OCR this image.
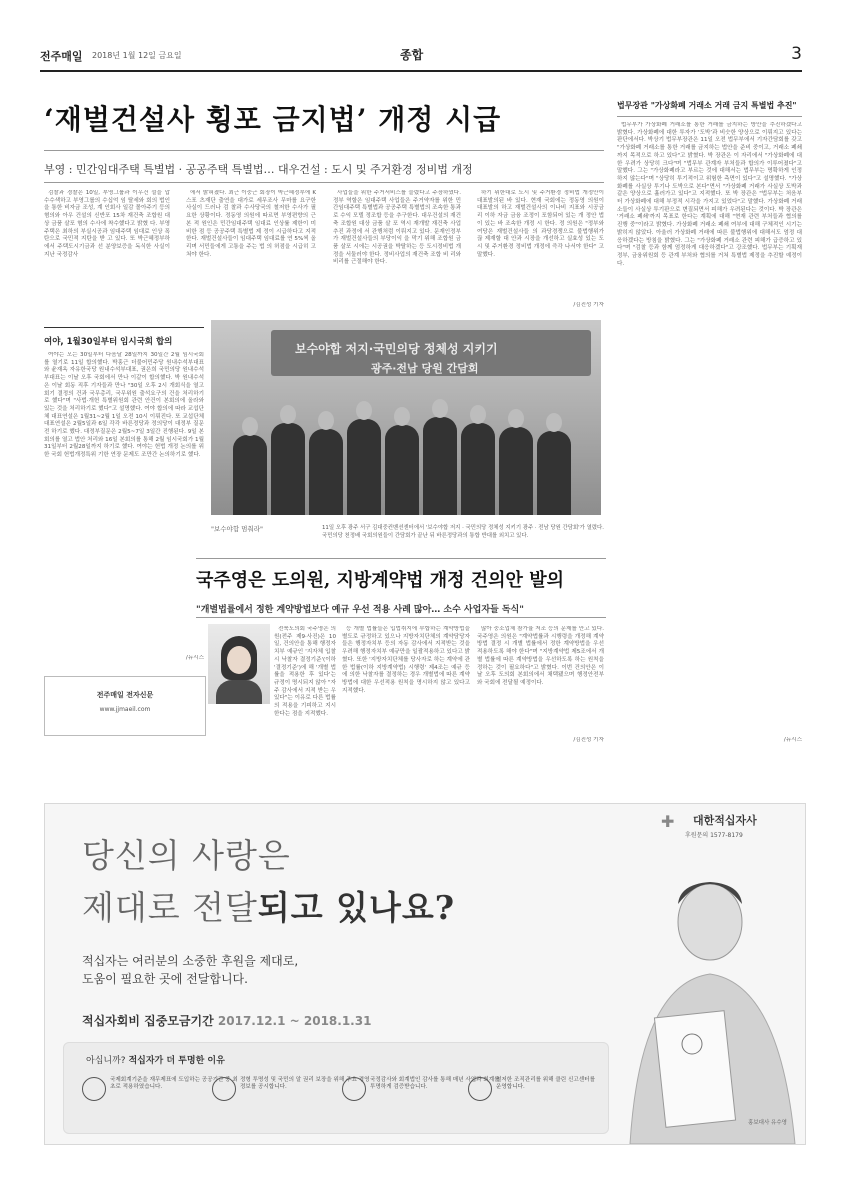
전주매일 2018년 1월 12일 금요일	종합	3
‘재벌건설사 횡포 금지법’ 개정 시급
부영 : 민간임대주택 특별법 · 공공주택 특별법… 대우건설 : 도시 및 주거환경 정비법 개정

검찰과 경찰은 10일, 부영그룹과 이우건 설을 압수수색하고 부영그룹의 수십억 임 탈세와 회의 법인을 통한 비자금 조성, 계 인회사 일감 몰아주기 등의 혐의와 아우 건설의 신반포 15차 재건축 조합원 대상 금품 살포 혐의 수사에 착수했다고 밝혔 다. 부영주택은 최하의 부실시공과 임대주택 임대료 인상 폭탄으로 국민적 지탄을 받 고 있다. 또 박근혜정부하에서 주택도시기금과 선 분양보증을 독식한 사실이 지난 국정감사

에서 밝혀졌다. 최근 이중근 회장이 박근혜정부에 K스포 츠재단 출연을 대가로 세무조사 무마를 요구한 사실이 드러나 검 찰과 수사당국의 철저한 수사가 필요한 상황이다. 정동영 의원에 따르면 부영편향의 근본 적 원인은 민간임대주택 임대료 인상률 제한이 미비한 점 등 공공주택 특별법 제 정이 시급하다고 지적한다. 재벌건설사들이 임대주택 임대료를 연 5%씩 올리며 서민들에게 고통을 주는 법 의 허점을 시급히 고쳐야 한다.

사업들을 위한 주거서비스를 늘렸다고 주장하였다. 정부 역할은 임대주택 사업들은 주거약자를 위한 민간임대주택 특별법과 공공주택 특별법의 조속한 통과로 수익 모델 정조합 등을 추구한다. 대우건설의 재건축 조합원 대상 금품 살 포 역시 재개발 재건축 사업 추진 과정에 서 관행처럼 이뤄지고 있다. 문재인정부가 재벌건설사들의 부당이익 을 막기 위해 조합원 금품 살포 시에는 시공권을 박탈하는 등 도시정비법 개정을 서둘러야 한다. 정비사업의 재건축 조합 비 리와 비리를 근절해야 한다.

하기 위한대로 도시 및 주거환경 정비법 개정안이 대표발의된 바 있다. 현재 국회에는 정동영 의원이 대표발의 하고 재벌건설사의 이나비 지표와 시공금 리 이하 자금 금융 조정이 포함되어 있는 개 정안 법이 있는 바 조속한 개정 시 한다. 정 의원은 "정부와 여당은 재벌건설사들 의 과당경쟁으로 불법행위가 끊 제재할 대 안과 시장을 개선하고 실효성 있는 도시 및 주거환경 정비법 개정에 즉각 나서야 한다" 고 말했다.

/김진성 기자
법무장관 "가상화폐 거래소 거래 금지 특별법 추진"

법무부가 가상화폐 거래소를 통한 거래를 금지하는 방안을 추진하겠다고 밝혔다. 가상화폐에 대한 투자가 ‘도박’과 비슷한 양상으로 이뤄지고 있다는 판단에서다. 박상기 법무부장관은 11일 오전 법무부에서 기자간담회를 갖고 "가상화폐 거래소를 통한 거래를 금지하는 법안을 준비 중이고, 거래소 폐쇄까지 목적으로 하고 있다"고 밝혔다. 박 장관은 이 자리에서 "가상화폐에 대한 우려가 상당히 크다"며 "법무부 관계자 부처들과 합의가 이루어졌다"고 말했다. 그는 "가상화폐라고 부르는 것에 대해서는 법무부는 명확하게 인정 하지 않는다"며 "상당히 투기적이고 위험한 측면이 있다"고 설명했다. "가상화폐를 사실상 투기나 도박으로 본다"면서 "가상화폐 거래가 사실상 도박과 같은 양상으로 흘러가고 있다"고 지적했다. 또 박 장관은 "법무부는 처음부터 가상화폐에 대해 부정적 시각을 가지고 있었다"고 말했다. 가상화폐 거래소들이 사실상 투기판으로 변질되면서 피해가 우려된다는 것이다. 박 장관은 '거래소 폐쇄'까지 목표로 한다는 계획에 대해 "현재 관련 부처들과 협의를 진행 중"이라고 밝혔다. 가상화폐 거래소 폐쇄 여부에 대해 구체적인 시기는 밝히지 않았다. 아울러 가상화폐 거래에 따른 불법행위에 대해서도 엄정 대응하겠다는 방침을 밝혔다. 그는 "가상화폐 거래소 관련 피해가 급증하고 있다"며 "검찰 등과 함께 엄정하게 대응하겠다"고 강조했다. 법무부는 기획재정부, 금융위원회 등 관계 부처와 협의를 거쳐 특별법 제정을 추진할 예정이다.

/뉴시스
여야, 1월30일부터 임시국회 합의

여야는 오는 30일부터 다음달 28일까지 30일간 2월 임시국회를 열기로 11일 합의했다. 박홍근 더불어민주당 원내수석부대표와 윤재옥 자유한국당 원내수석부대표, 권은희 국민의당 원내수석부대표는 이날 오후 국회에서 만나 이같이 합의했다. 박 원내수석은 이날 회동 직후 기자들과 만나 "30일 오후 2시 개회식을 열고 회기 결정의 건과 국무총리, 국무위원 출석요구의 건을 처리하기로 했다"며 "사법·개헌 특별위원회 관련 안건이 본회의에 올라와 있는 것을 처리하기로 했다"고 설명했다. 여야 합의에 따라 교섭단체 대표연설은 1월31~2월 1일 오전 10시 이뤄진다. 또 교섭단체 대표연설은 2월5일과 6일 각각 바른정당과 정의당이 대정부 질문 전 하기로 했다. 대정부질문은 2월5~7일 3일간 진행된다. 9일 본회의를 열고 법안 처리와 16일 본회의를 통해 2월 임시국회가 1월31일부터 2월28일까지 하기로 했다. 여야는 헌법 개정 논의를 위한 국회 헌법개정특위 기한 연장 문제도 조만간 논의하기로 했다.

/뉴시스
보수야합 저지·국민의당 정체성 지키기
광주·전남 당원 간담회
"보수야합 멈춰라"	11일 오후 광주 서구 김대중컨벤션센터에서 '보수야합 저지 · 국민의당 정체성 지키기 광주 · 전남 당원 간담회'가 열렸다. 국민의당 천정배 국회의원들이 간담회가 끝난 뒤 바른정당과의 통합 반대를 외치고 있다.
국주영은 도의원, 지방계약법 개정 건의안 발의
"개별법률에서 정한 계약방법보다 예규 우선 적용 사례 많아… 소수 사업자들 독식"

전북도의회 국주영은 의원(전주 제9·사진)은 10일, 건의안을 통해 행정자치부 예규인 '지자체 입찰 시 낙찰자 결정기준'(이하 '결정기준')에 해 '개별 법률을 적용한 후 있다'는 규정이 명시되지 않아 "자주 감사에서 지적 받는 우 있다"는 이유로 다른 법률의 적용을 기피하고 지시한다는 점을 지적했다.

등 개별 법률들은 입법취지에 부합하는 계약방법을 별도로 규정하고 있으나 지방자치단체의 계약담당자들은 행정자치부 등의 자동 감사에서 지적받는 것을 우려해 행정자치부 예규만을 일괄적용하고 있다고 밝혔다. 또한 '지방자치단체를 당사자로 하는 계약에 관한 법률(이하 지방계약법) 시행령' 제4조는 예규 등에 의한 낙찰자를 결정하는 경우 개별법에 따른 계약방법에 대한 우선적용 원칙을 명시하지 않고 있다고 지적했다.

많아 중소업체 참가율 저조 등의 문제를 안고 있다. 국주영은 의원은 "계약법률과 시행령을 개정해 계약방법 결정 시 개별 법률에서 정한 계약방법을 우선 적용하도록 해야 한다"며 "지방계약법 제5조에서 개별 법률에 따른 계약방법을 우선하도록 하는 원칙을 정하는 것이 필요하다"고 밝혔다. 이번 건의안은 이날 오후 도의회 본회의에서 채택됐으며 행정안전부와 국회에 전달될 예정이다.

/김진성 기자
전주매일 전자신문
www.jjmaeil.com
당신의 사랑은
제대로 전달되고 있나요?
적십자는 여러분의 소중한 후원을 제대로,
도움이 필요한 곳에 전달합니다.
적십자회비 집중모금기간 2017.12.1 ~ 2018.1.31
아십니까? 적십자가 더 투명한 이유
국제회계기준을 재무제표에 도입하는 공공기관 중 최초로 적용하였습니다.
정형 투명성 및 국민의 알 권리 보장을 위해 주요 경영정보를 공시합니다.
국정감사와 회계법인 감사를 통해 매년 사업과 회계를 투명하게 검증받습니다.
철저한 조직관리를 위해 클린 신고센터를 운영합니다.
✚ 대한적십자사
후원문의 1577-8179
홍보대사 유수영
